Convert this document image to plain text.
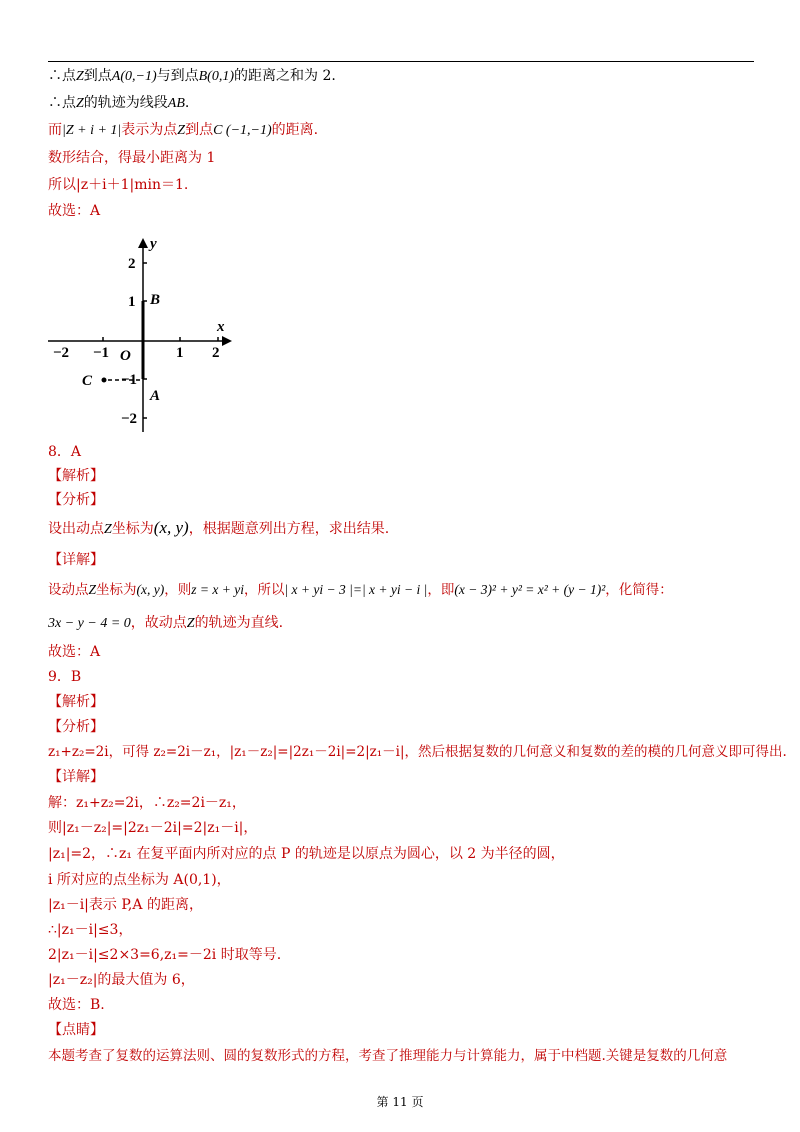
∴点Z到点A(0,−1)与到点B(0,1)的距离之和为 2.
∴点Z的轨迹为线段AB.
而|Z + i + 1|表示为点Z到点C (−1,−1)的距离.
数形结合，得最小距离为 1
所以|z＋i＋1|min＝1.
故选：A
x
y
O
−2 −1	1 2
2
1
−1
−2
B
A
C
8．A
【解析】
【分析】
设出动点Z坐标为(x, y)，根据题意列出方程，求出结果.
【详解】
设动点Z坐标为(x, y)，则z = x + yi，所以| x + yi − 3 |=| x + yi − i |，即(x − 3)² + y² = x² + (y − 1)²，化简得：
3x − y − 4 = 0，故动点Z的轨迹为直线.
故选：A
9．B
【解析】
【分析】
z₁+z₂=2i，可得 z₂=2i－z₁，|z₁－z₂|=|2z₁－2i|=2|z₁－i|，然后根据复数的几何意义和复数的差的模的几何意义即可得出.
【详解】
解：z₁+z₂=2i，∴z₂=2i－z₁，
则|z₁－z₂|=|2z₁－2i|=2|z₁－i|，
|z₁|=2，∴z₁ 在复平面内所对应的点 P 的轨迹是以原点为圆心，以 2 为半径的圆，
i 所对应的点坐标为 A(0,1)，
|z₁－i|表示 P,A 的距离，
∴|z₁－i|≤3，
2|z₁－i|≤2×3=6,z₁=－2i 时取等号.
|z₁－z₂|的最大值为 6，
故选：B.
【点睛】
本题考查了复数的运算法则、圆的复数形式的方程，考查了推理能力与计算能力，属于中档题.关键是复数的几何意
第 11 页
